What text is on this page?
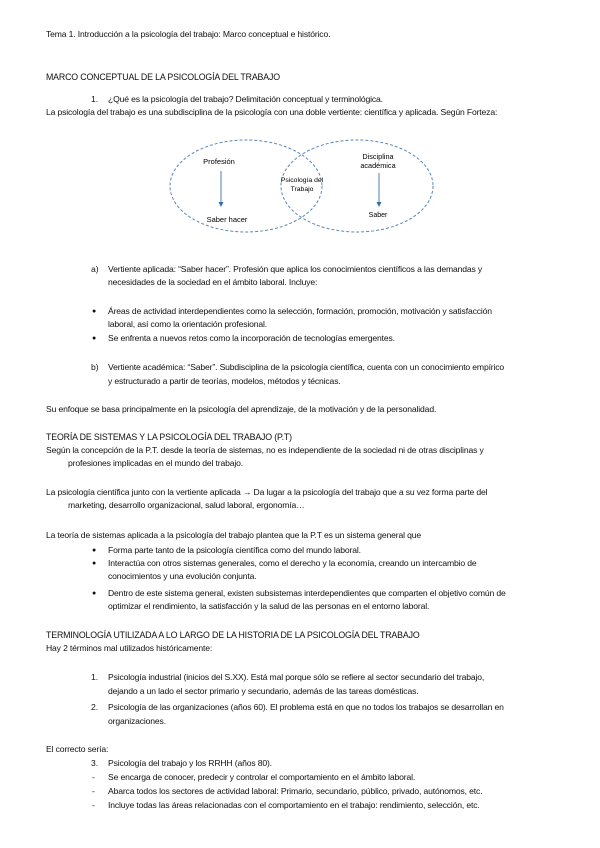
Tema 1. Introducción a la psicología del trabajo: Marco conceptual e histórico.
MARCO CONCEPTUAL DE LA PSICOLOGÍA DEL TRABAJO
1. ¿Qué es la psicología del trabajo? Delimitación conceptual y terminológica.
La psicología del trabajo es una subdisciplina de la psicología con una doble vertiente: científica y aplicada. Según Forteza:
Profesión
Saber hacer
Psicología del
Trabajo
Disciplina
académica
Saber
a) Vertiente aplicada: “Saber hacer”. Profesión que aplica los conocimientos científicos a las demandas y
necesidades de la sociedad en el ámbito laboral. Incluye:
● Áreas de actividad interdependientes como la selección, formación, promoción, motivación y satisfacción
laboral, así como la orientación profesional.
● Se enfrenta a nuevos retos como la incorporación de tecnologías emergentes.
b) Vertiente académica: “Saber”. Subdisciplina de la psicología científica, cuenta con un conocimiento empírico
y estructurado a partir de teorías, modelos, métodos y técnicas.
Su enfoque se basa principalmente en la psicología del aprendizaje, de la motivación y de la personalidad.
TEORÍA DE SISTEMAS Y LA PSICOLOGÍA DEL TRABAJO (P.T)
Según la concepción de la P.T. desde la teoría de sistemas, no es independiente de la sociedad ni de otras disciplinas y
profesiones implicadas en el mundo del trabajo.
La psicología científica junto con la vertiente aplicada → Da lugar a la psicología del trabajo que a su vez forma parte del
marketing, desarrollo organizacional, salud laboral, ergonomía…
La teoría de sistemas aplicada a la psicología del trabajo plantea que la P.T es un sistema general que
● Forma parte tanto de la psicología científica como del mundo laboral.
● Interactúa con otros sistemas generales, como el derecho y la economía, creando un intercambio de
conocimientos y una evolución conjunta.
● Dentro de este sistema general, existen subsistemas interdependientes que comparten el objetivo común de
optimizar el rendimiento, la satisfacción y la salud de las personas en el entorno laboral.
TERMINOLOGÍA UTILIZADA A LO LARGO DE LA HISTORIA DE LA PSICOLOGÍA DEL TRABAJO
Hay 2 términos mal utilizados históricamente:
1. Psicología industrial (inicios del S.XX). Está mal porque sólo se refiere al sector secundario del trabajo,
dejando a un lado el sector primario y secundario, además de las tareas domésticas.
2. Psicología de las organizaciones (años 60). El problema está en que no todos los trabajos se desarrollan en
organizaciones.
El correcto sería:
3. Psicología del trabajo y los RRHH (años 80).
- Se encarga de conocer, predecir y controlar el comportamiento en el ámbito laboral.
- Abarca todos los sectores de actividad laboral: Primario, secundario, público, privado, autónomos, etc.
- Incluye todas las áreas relacionadas con el comportamiento en el trabajo: rendimiento, selección, etc.
